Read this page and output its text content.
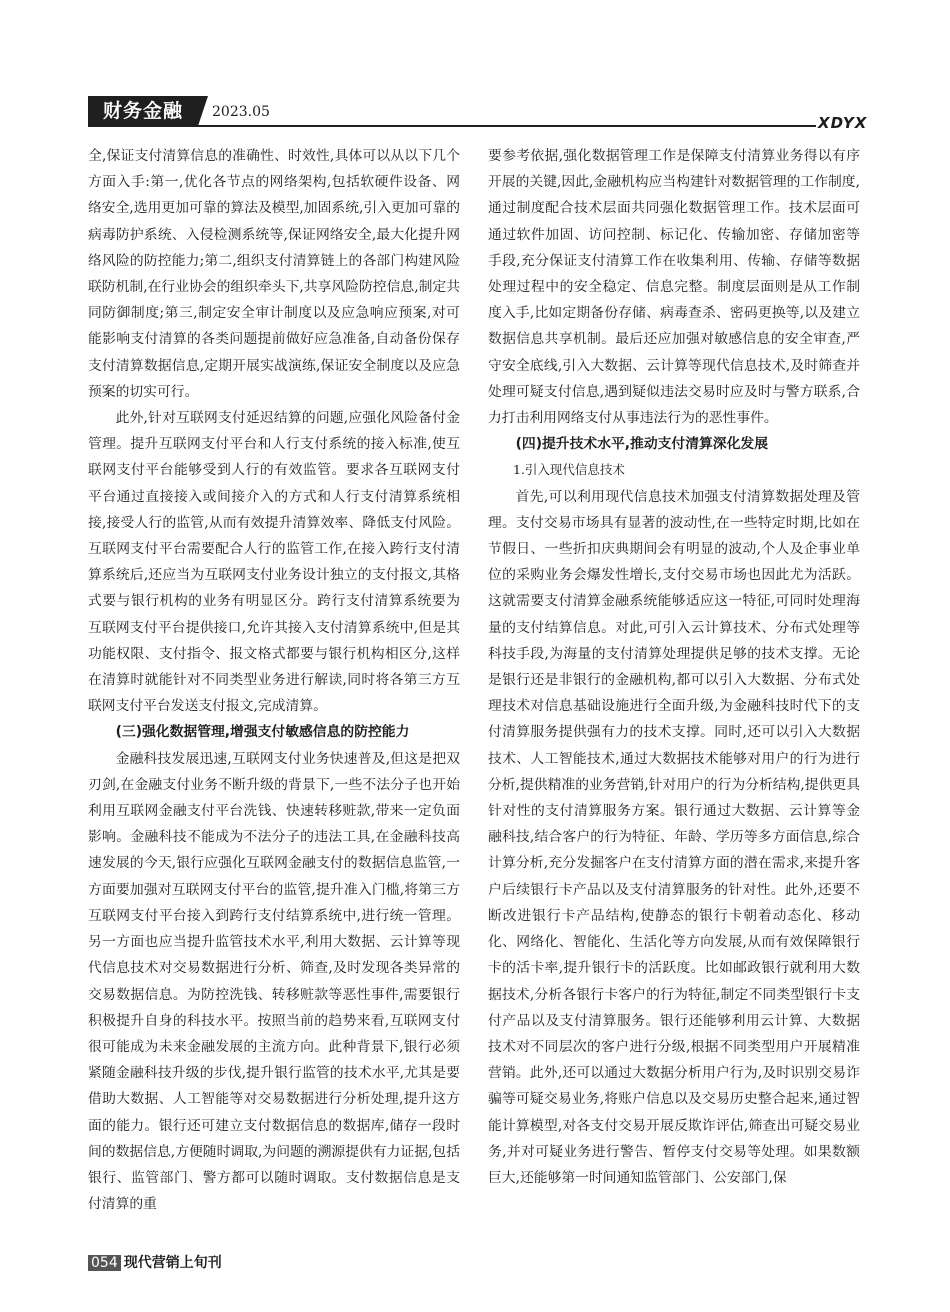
财务金融	2023.05
XDYX

全,保证支付清算信息的准确性、时效性,具体可以从以下几个方面入手:第一,优化各节点的网络架构,包括软硬件设备、网络安全,选用更加可靠的算法及模型,加固系统,引入更加可靠的病毒防护系统、入侵检测系统等,保证网络安全,最大化提升网络风险的防控能力;第二,组织支付清算链上的各部门构建风险联防机制,在行业协会的组织牵头下,共享风险防控信息,制定共同防御制度;第三,制定安全审计制度以及应急响应预案,对可能影响支付清算的各类问题提前做好应急准备,自动备份保存支付清算数据信息,定期开展实战演练,保证安全制度以及应急预案的切实可行。

此外,针对互联网支付延迟结算的问题,应强化风险备付金管理。提升互联网支付平台和人行支付系统的接入标准,使互联网支付平台能够受到人行的有效监管。要求各互联网支付平台通过直接接入或间接介入的方式和人行支付清算系统相接,接受人行的监管,从而有效提升清算效率、降低支付风险。互联网支付平台需要配合人行的监管工作,在接入跨行支付清算系统后,还应当为互联网支付业务设计独立的支付报文,其格式要与银行机构的业务有明显区分。跨行支付清算系统要为互联网支付平台提供接口,允许其接入支付清算系统中,但是其功能权限、支付指令、报文格式都要与银行机构相区分,这样在清算时就能针对不同类型业务进行解读,同时将各第三方互联网支付平台发送支付报文,完成清算。

(三)强化数据管理,增强支付敏感信息的防控能力

金融科技发展迅速,互联网支付业务快速普及,但这是把双刃剑,在金融支付业务不断升级的背景下,一些不法分子也开始利用互联网金融支付平台洗钱、快速转移赃款,带来一定负面影响。金融科技不能成为不法分子的违法工具,在金融科技高速发展的今天,银行应强化互联网金融支付的数据信息监管,一方面要加强对互联网支付平台的监管,提升准入门槛,将第三方互联网支付平台接入到跨行支付结算系统中,进行统一管理。另一方面也应当提升监管技术水平,利用大数据、云计算等现代信息技术对交易数据进行分析、筛查,及时发现各类异常的交易数据信息。为防控洗钱、转移赃款等恶性事件,需要银行积极提升自身的科技水平。按照当前的趋势来看,互联网支付很可能成为未来金融发展的主流方向。此种背景下,银行必须紧随金融科技升级的步伐,提升银行监管的技术水平,尤其是要借助大数据、人工智能等对交易数据进行分析处理,提升这方面的能力。银行还可建立支付数据信息的数据库,储存一段时间的数据信息,方便随时调取,为问题的溯源提供有力证据,包括银行、监管部门、警方都可以随时调取。支付数据信息是支付清算的重

要参考依据,强化数据管理工作是保障支付清算业务得以有序开展的关键,因此,金融机构应当构建针对数据管理的工作制度,通过制度配合技术层面共同强化数据管理工作。技术层面可通过软件加固、访问控制、标记化、传输加密、存储加密等手段,充分保证支付清算工作在收集利用、传输、存储等数据处理过程中的安全稳定、信息完整。制度层面则是从工作制度入手,比如定期备份存储、病毒查杀、密码更换等,以及建立数据信息共享机制。最后还应加强对敏感信息的安全审查,严守安全底线,引入大数据、云计算等现代信息技术,及时筛查并处理可疑支付信息,遇到疑似违法交易时应及时与警方联系,合力打击利用网络支付从事违法行为的恶性事件。

(四)提升技术水平,推动支付清算深化发展
1.引入现代信息技术

首先,可以利用现代信息技术加强支付清算数据处理及管理。支付交易市场具有显著的波动性,在一些特定时期,比如在节假日、一些折扣庆典期间会有明显的波动,个人及企事业单位的采购业务会爆发性增长,支付交易市场也因此尤为活跃。这就需要支付清算金融系统能够适应这一特征,可同时处理海量的支付结算信息。对此,可引入云计算技术、分布式处理等科技手段,为海量的支付清算处理提供足够的技术支撑。无论是银行还是非银行的金融机构,都可以引入大数据、分布式处理技术对信息基础设施进行全面升级,为金融科技时代下的支付清算服务提供强有力的技术支撑。同时,还可以引入大数据技术、人工智能技术,通过大数据技术能够对用户的行为进行分析,提供精准的业务营销,针对用户的行为分析结构,提供更具针对性的支付清算服务方案。银行通过大数据、云计算等金融科技,结合客户的行为特征、年龄、学历等多方面信息,综合计算分析,充分发掘客户在支付清算方面的潜在需求,来提升客户后续银行卡产品以及支付清算服务的针对性。此外,还要不断改进银行卡产品结构,使静态的银行卡朝着动态化、移动化、网络化、智能化、生活化等方向发展,从而有效保障银行卡的活卡率,提升银行卡的活跃度。比如邮政银行就利用大数据技术,分析各银行卡客户的行为特征,制定不同类型银行卡支付产品以及支付清算服务。银行还能够利用云计算、大数据技术对不同层次的客户进行分级,根据不同类型用户开展精准营销。此外,还可以通过大数据分析用户行为,及时识别交易诈骗等可疑交易业务,将账户信息以及交易历史整合起来,通过智能计算模型,对各支付交易开展反欺诈评估,筛查出可疑交易业务,并对可疑业务进行警告、暂停支付交易等处理。如果数额巨大,还能够第一时间通知监管部门、公安部门,保

054 现代营销上旬刊
